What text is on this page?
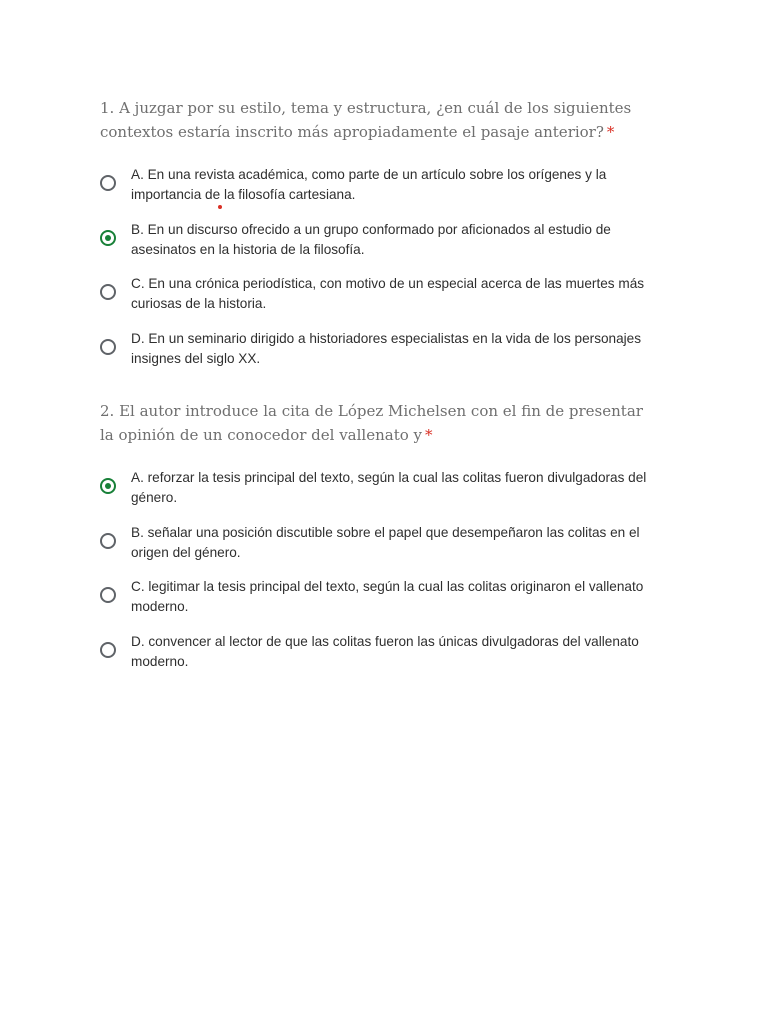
1. A juzgar por su estilo, tema y estructura, ¿en cuál de los siguientes contextos estaría inscrito más apropiadamente el pasaje anterior? *

A. En una revista académica, como parte de un artículo sobre los orígenes y la importancia de la filosofía cartesiana.
B. En un discurso ofrecido a un grupo conformado por aficionados al estudio de asesinatos en la historia de la filosofía.
C. En una crónica periodística, con motivo de un especial acerca de las muertes más curiosas de la historia.
D. En un seminario dirigido a historiadores especialistas en la vida de los personajes insignes del siglo XX.

2. El autor introduce la cita de López Michelsen con el fin de presentar la opinión de un conocedor del vallenato y *

A. reforzar la tesis principal del texto, según la cual las colitas fueron divulgadoras del género.
B. señalar una posición discutible sobre el papel que desempeñaron las colitas en el origen del género.
C. legitimar la tesis principal del texto, según la cual las colitas originaron el vallenato moderno.
D. convencer al lector de que las colitas fueron las únicas divulgadoras del vallenato moderno.
